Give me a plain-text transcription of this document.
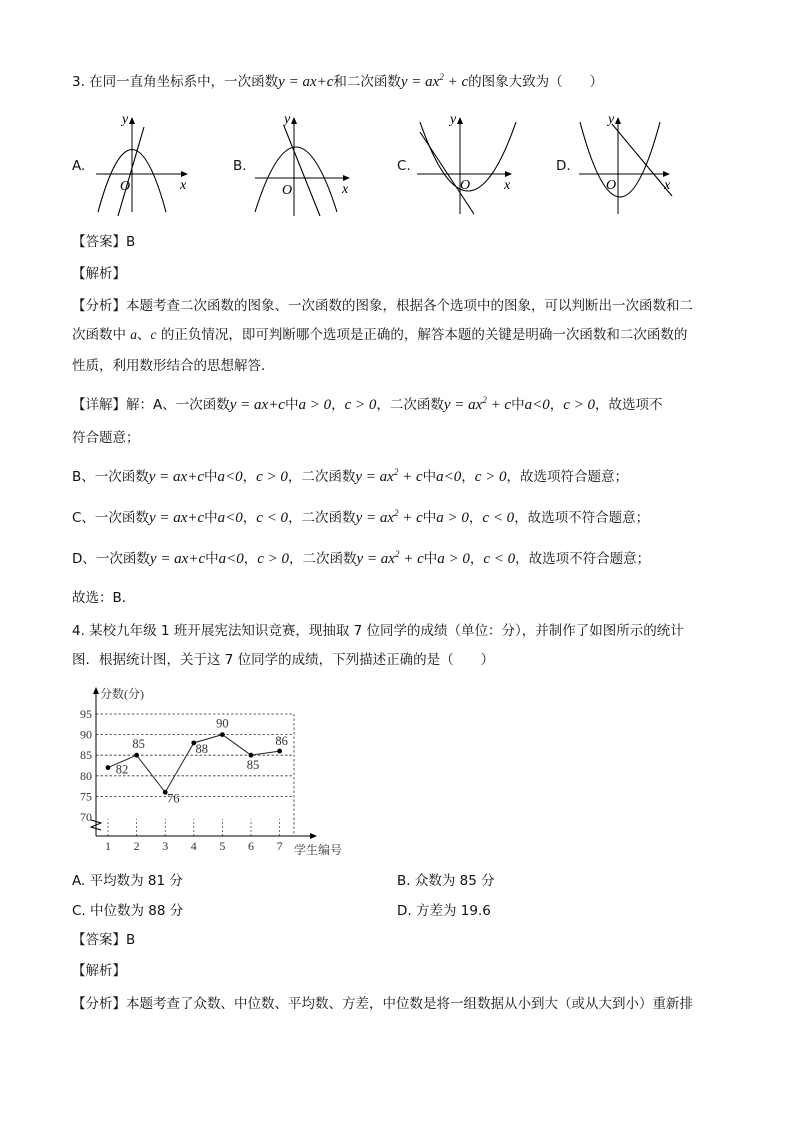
3. 在同一直角坐标系中，一次函数y = ax+c和二次函数$y = ax^2 + c$的图象大致为（　　）
A.	B.	C.	D.
y
x
O
y
x
O
y
x
O
y
x
O
【答案】B
【解析】
【分析】本题考查二次函数的图象、一次函数的图象，根据各个选项中的图象，可以判断出一次函数和二
次函数中 a、c 的正负情况，即可判断哪个选项是正确的，解答本题的关键是明确一次函数和二次函数的
性质，利用数形结合的思想解答．
【详解】解：A、一次函数y = ax+c中a > 0，c > 0，二次函数$y = ax^2 + c$中a<0，c > 0，故选项不
符合题意；
B、一次函数y = ax+c中a<0，c > 0，二次函数$y = ax^2 + c$中a<0，c > 0，故选项符合题意；
C、一次函数y = ax+c中a<0，c < 0，二次函数$y = ax^2 + c$中a > 0，c < 0，故选项不符合题意；
D、一次函数y = ax+c中a<0，c > 0，二次函数$y = ax^2 + c$中a > 0，c < 0，故选项不符合题意；
故选：B．
4. 某校九年级 1 班开展宪法知识竞赛，现抽取 7 位同学的成绩（单位：分），并制作了如图所示的统计
图．根据统计图，关于这 7 位同学的成绩，下列描述正确的是（　　）
70
75
80
85
90
95
1 2 3 4 5 6 7
分数(分)
学生编号
82
85
76
88
90
85
86
A. 平均数为 81 分	B. 众数为 85 分
C. 中位数为 88 分	D. 方差为 19.6
【答案】B
【解析】
【分析】本题考查了众数、中位数、平均数、方差，中位数是将一组数据从小到大（或从大到小）重新排
